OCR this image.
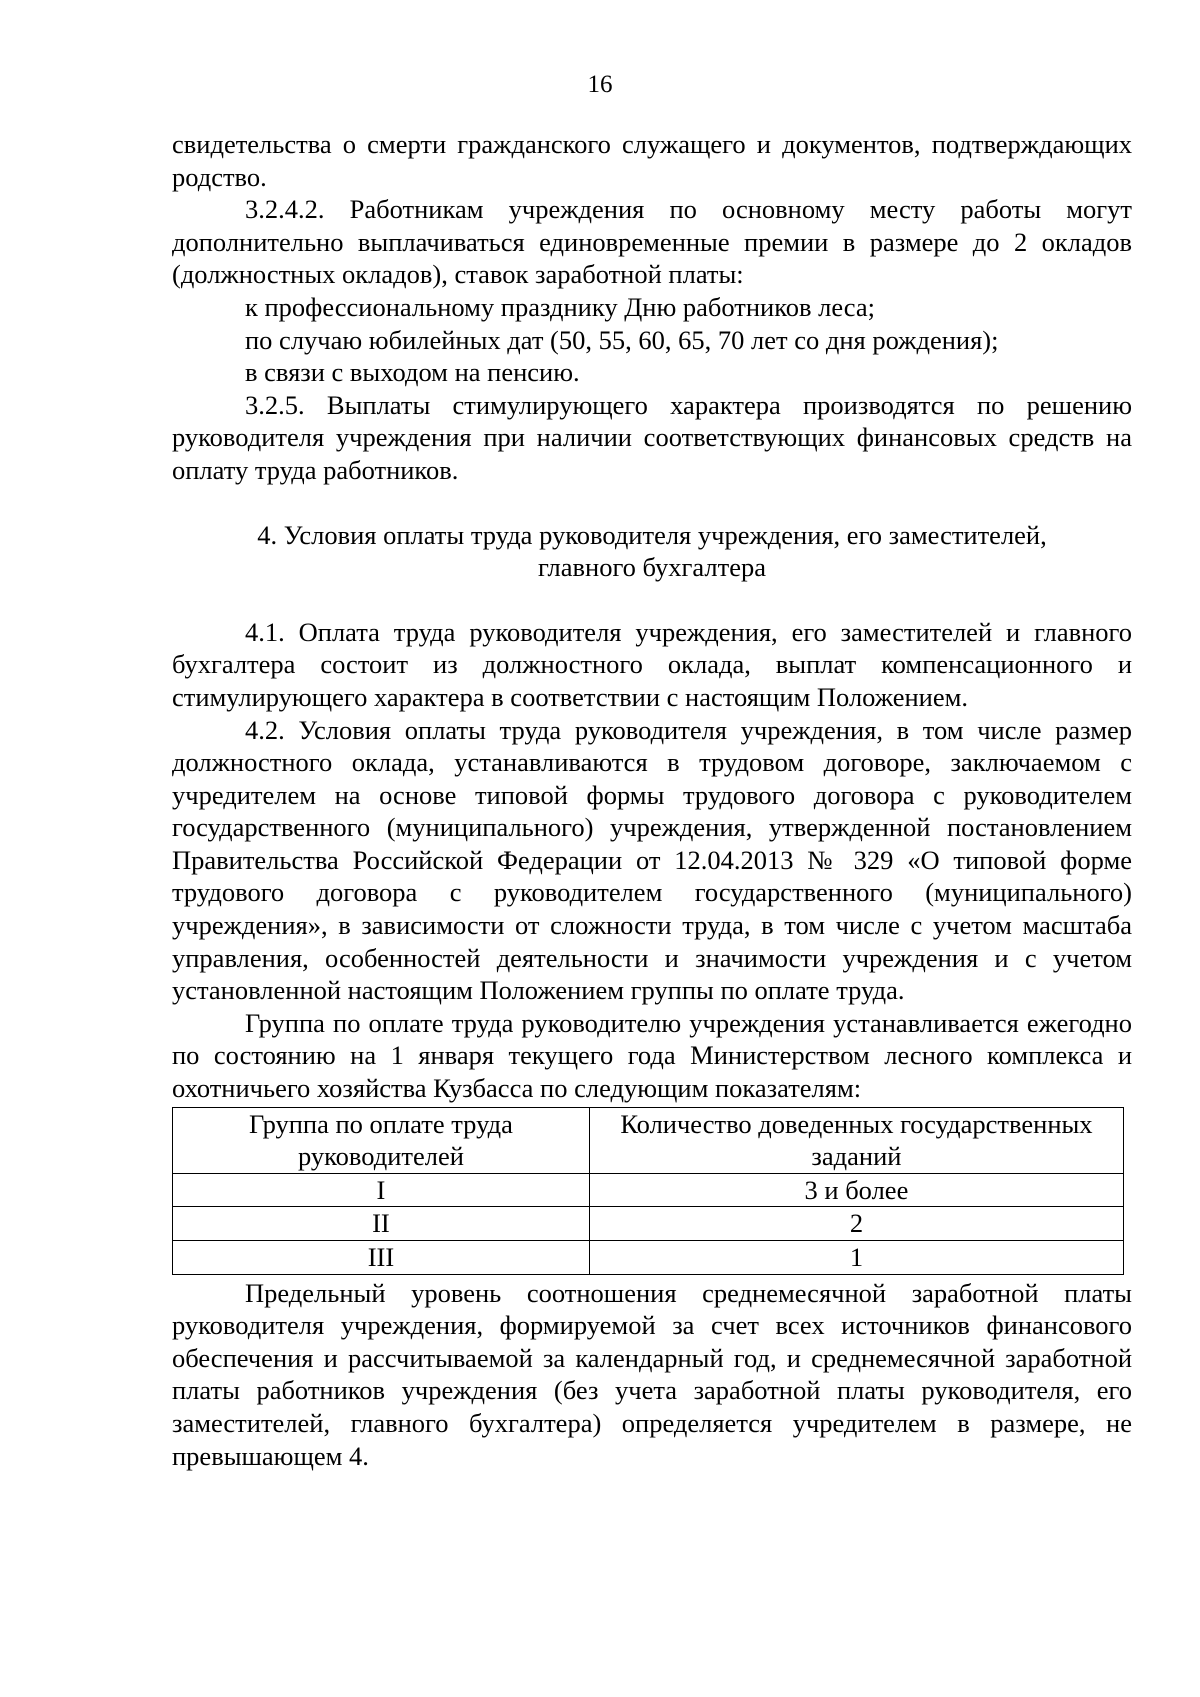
16

свидетельства о смерти гражданского служащего и документов, подтверждающих родство.

3.2.4.2. Работникам учреждения по основному месту работы могут дополнительно выплачиваться единовременные премии в размере до 2 окладов (должностных окладов), ставок заработной платы:

к профессиональному празднику Дню работников леса;

по случаю юбилейных дат (50, 55, 60, 65, 70 лет со дня рождения);

в связи с выходом на пенсию.

3.2.5. Выплаты стимулирующего характера производятся по решению руководителя учреждения при наличии соответствующих финансовых средств на оплату труда работников.

4. Условия оплаты труда руководителя учреждения, его заместителей,
главного бухгалтера

4.1. Оплата труда руководителя учреждения, его заместителей и главного бухгалтера состоит из должностного оклада, выплат компенсационного и стимулирующего характера в соответствии с настоящим Положением.

4.2. Условия оплаты труда руководителя учреждения, в том числе размер должностного оклада, устанавливаются в трудовом договоре, заключаемом с учредителем на основе типовой формы трудового договора с руководителем государственного (муниципального) учреждения, утвержденной постановлением Правительства Российской Федерации от 12.04.2013 № 329 «О типовой форме трудового договора с руководителем государственного (муниципального) учреждения», в зависимости от сложности труда, в том числе с учетом масштаба управления, особенностей деятельности и значимости учреждения и с учетом установленной настоящим Положением группы по оплате труда.

Группа по оплате труда руководителю учреждения устанавливается ежегодно по состоянию на 1 января текущего года Министерством лесного комплекса и охотничьего хозяйства Кузбасса по следующим показателям:

Группа по оплате труда руководителей	Количество доведенных государственных заданий
I	3 и более
II	2
III	1

Предельный уровень соотношения среднемесячной заработной платы руководителя учреждения, формируемой за счет всех источников финансового обеспечения и рассчитываемой за календарный год, и среднемесячной заработной платы работников учреждения (без учета заработной платы руководителя, его заместителей, главного бухгалтера) определяется учредителем в размере, не превышающем 4.
